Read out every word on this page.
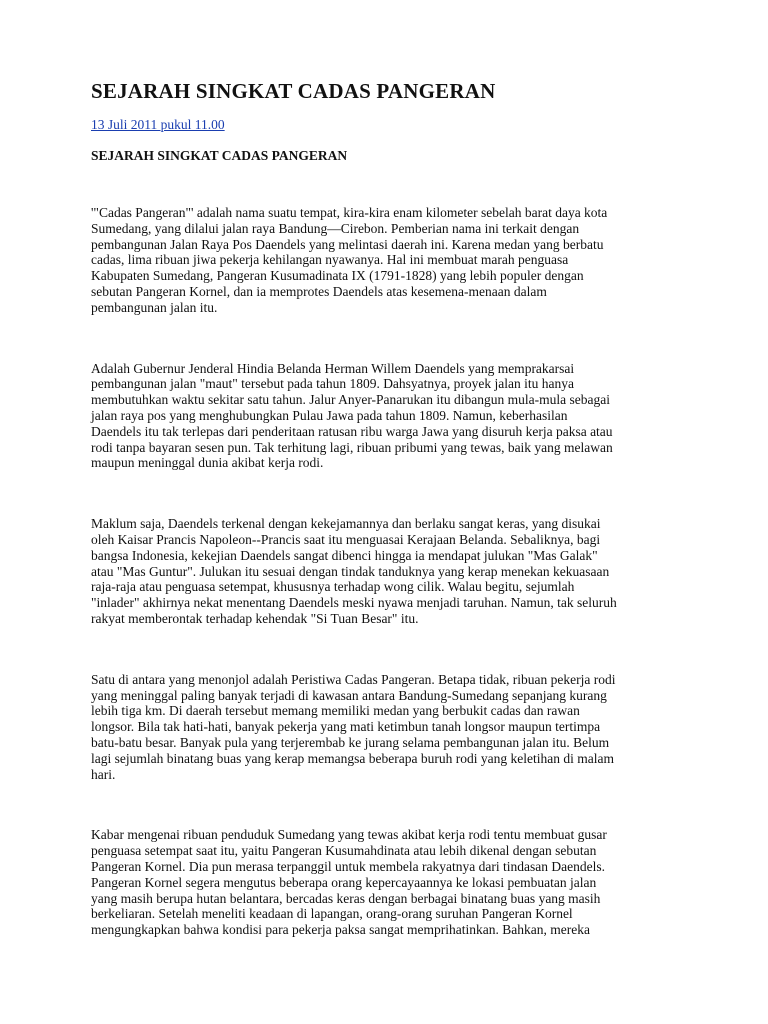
SEJARAH SINGKAT CADAS PANGERAN
13 Juli 2011 pukul 11.00

SEJARAH SINGKAT CADAS PANGERAN

'"Cadas Pangeran"' adalah nama suatu tempat, kira-kira enam kilometer sebelah barat daya kota
Sumedang, yang dilalui jalan raya Bandung—Cirebon. Pemberian nama ini terkait dengan
pembangunan Jalan Raya Pos Daendels yang melintasi daerah ini. Karena medan yang berbatu
cadas, lima ribuan jiwa pekerja kehilangan nyawanya. Hal ini membuat marah penguasa
Kabupaten Sumedang, Pangeran Kusumadinata IX (1791-1828) yang lebih populer dengan
sebutan Pangeran Kornel, dan ia memprotes Daendels atas kesemena-menaan dalam
pembangunan jalan itu.

Adalah Gubernur Jenderal Hindia Belanda Herman Willem Daendels yang memprakarsai
pembangunan jalan "maut" tersebut pada tahun 1809. Dahsyatnya, proyek jalan itu hanya
membutuhkan waktu sekitar satu tahun. Jalur Anyer-Panarukan itu dibangun mula-mula sebagai
jalan raya pos yang menghubungkan Pulau Jawa pada tahun 1809. Namun, keberhasilan
Daendels itu tak terlepas dari penderitaan ratusan ribu warga Jawa yang disuruh kerja paksa atau
rodi tanpa bayaran sesen pun. Tak terhitung lagi, ribuan pribumi yang tewas, baik yang melawan
maupun meninggal dunia akibat kerja rodi.

Maklum saja, Daendels terkenal dengan kekejamannya dan berlaku sangat keras, yang disukai
oleh Kaisar Prancis Napoleon--Prancis saat itu menguasai Kerajaan Belanda. Sebaliknya, bagi
bangsa Indonesia, kekejian Daendels sangat dibenci hingga ia mendapat julukan "Mas Galak"
atau "Mas Guntur". Julukan itu sesuai dengan tindak tanduknya yang kerap menekan kekuasaan
raja-raja atau penguasa setempat, khususnya terhadap wong cilik. Walau begitu, sejumlah
"inlader" akhirnya nekat menentang Daendels meski nyawa menjadi taruhan. Namun, tak seluruh
rakyat memberontak terhadap kehendak "Si Tuan Besar" itu.

Satu di antara yang menonjol adalah Peristiwa Cadas Pangeran. Betapa tidak, ribuan pekerja rodi
yang meninggal paling banyak terjadi di kawasan antara Bandung-Sumedang sepanjang kurang
lebih tiga km. Di daerah tersebut memang memiliki medan yang berbukit cadas dan rawan
longsor. Bila tak hati-hati, banyak pekerja yang mati ketimbun tanah longsor maupun tertimpa
batu-batu besar. Banyak pula yang terjerembab ke jurang selama pembangunan jalan itu. Belum
lagi sejumlah binatang buas yang kerap memangsa beberapa buruh rodi yang keletihan di malam
hari.

Kabar mengenai ribuan penduduk Sumedang yang tewas akibat kerja rodi tentu membuat gusar
penguasa setempat saat itu, yaitu Pangeran Kusumahdinata atau lebih dikenal dengan sebutan
Pangeran Kornel. Dia pun merasa terpanggil untuk membela rakyatnya dari tindasan Daendels.
Pangeran Kornel segera mengutus beberapa orang kepercayaannya ke lokasi pembuatan jalan
yang masih berupa hutan belantara, bercadas keras dengan berbagai binatang buas yang masih
berkeliaran. Setelah meneliti keadaan di lapangan, orang-orang suruhan Pangeran Kornel
mengungkapkan bahwa kondisi para pekerja paksa sangat memprihatinkan. Bahkan, mereka
